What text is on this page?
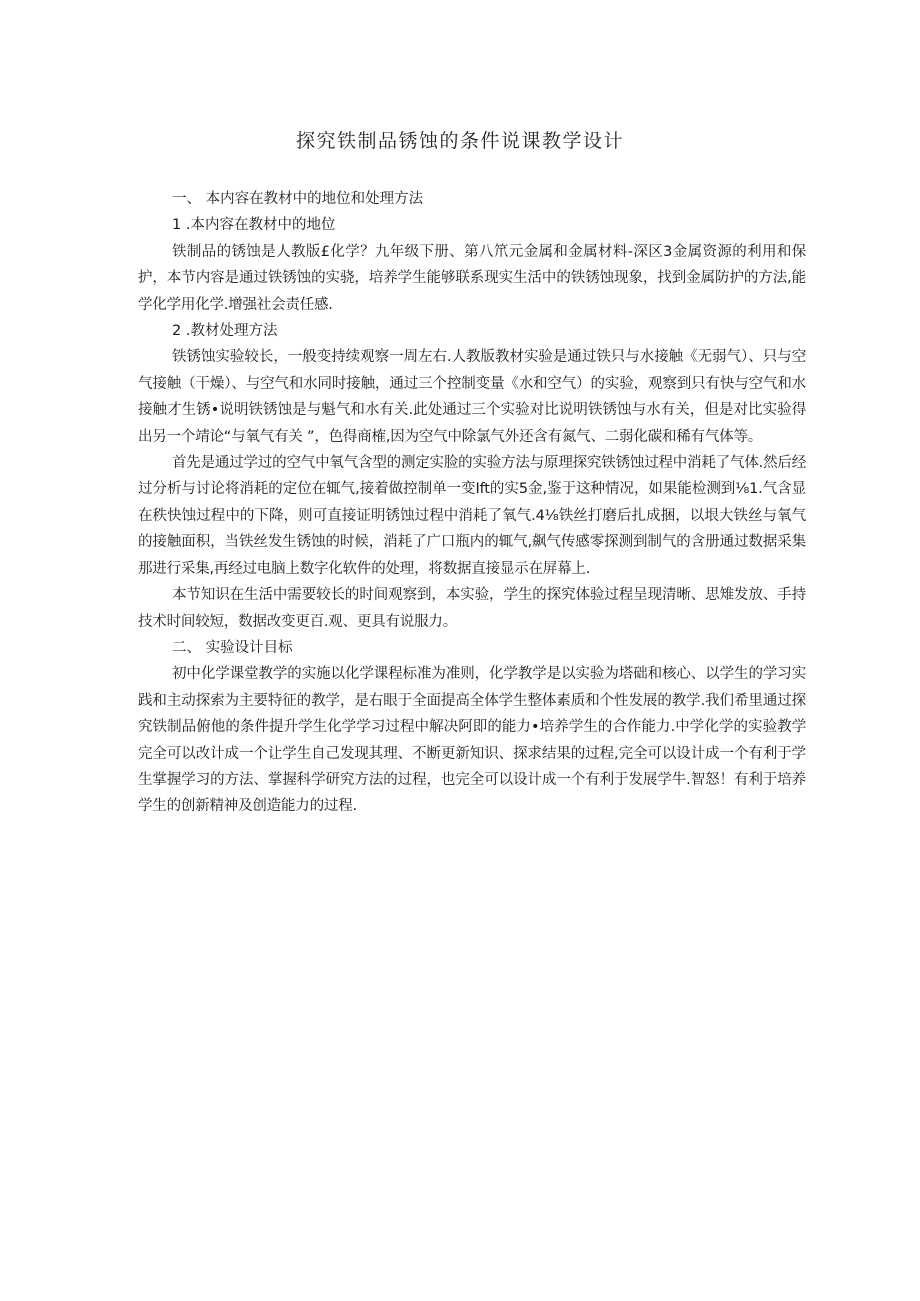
探究铁制品锈蚀的条件说课教学设计

一、 本内容在教材中的地位和处理方法

1 .本内容在教材中的地位

铁制品的锈蚀是人教版£化学？九年级下册、第八笊元金属和金属材料-深区3金属资源的利用和保护，本节内容是通过铁锈蚀的实骁，培养学生能够联系现实生活中的铁锈蚀现象，找到金属防护的方法,能学化学用化学.增强社会责任感.

2 .教材处理方法

铁锈蚀实验较长，一般变持续观察一周左右.人教版教材实验是通过铁只与水接触《无弱气）、只与空气接触（干燥）、与空气和水同时接触，通过三个控制变量《水和空气）的实验，观察到只有快与空气和水接触才生锈•说明铁锈蚀是与魁气和水有关.此处通过三个实验对比说明铁锈蚀与水有关，但是对比实验得出另一个靖论“与氧气有关 ”，色得商榷,因为空气中除氯气外还含有氮气、二弱化碳和稀有气体等。

首先是通过学过的空气中氧气含型的测定实脸的实验方法与原理探究铁锈蚀过程中消耗了气体.然后经过分析与讨论将消耗的定位在辄气,接着做控制单一变Ift的实5金,鉴于这种情况，如果能检测到⅛1.气含显在秩快蚀过程中的下降，则可直接证明锈蚀过程中消耗了氧气.4⅛铁丝打磨后扎成捆，以垠大铁丝与氧气的接触面积，当铁丝发生锈蚀的时候，消耗了广口瓶内的辄气,飙气传感零探测到制气的含册通过数据采集那进行采集,再经过电脑上数字化软件的处理，将数据直接显示在屏幕上.

本节知识在生活中需要较长的时间观察到，本实验，学生的探究体验过程呈现清晰、思雉发放、手持技术时间较短，数据改变更百.观、更具有说服力。

二、 实验设计目标

初中化学课堂教学的实施以化学课程标准为准则，化学教学是以实验为塔础和核心、以学生的学习实践和主动探索为主要特征的教学，是右眼于全面提高全体学生整体素质和个性发展的教学.我们希里通过探究铁制品俯他的条件提升学生化学学习过程中解决阿即的能力•培养学生的合作能力.中学化学的实验教学完全可以改计成一个让学生自己发现其理、不断更新知识、探求结果的过程,完全可以设计成一个有利于学生掌握学习的方法、掌握科学研究方法的过程，也完全可以设计成一个有利于发展学牛.智怒！有利于培养学生的创新精神及创造能力的过程.
